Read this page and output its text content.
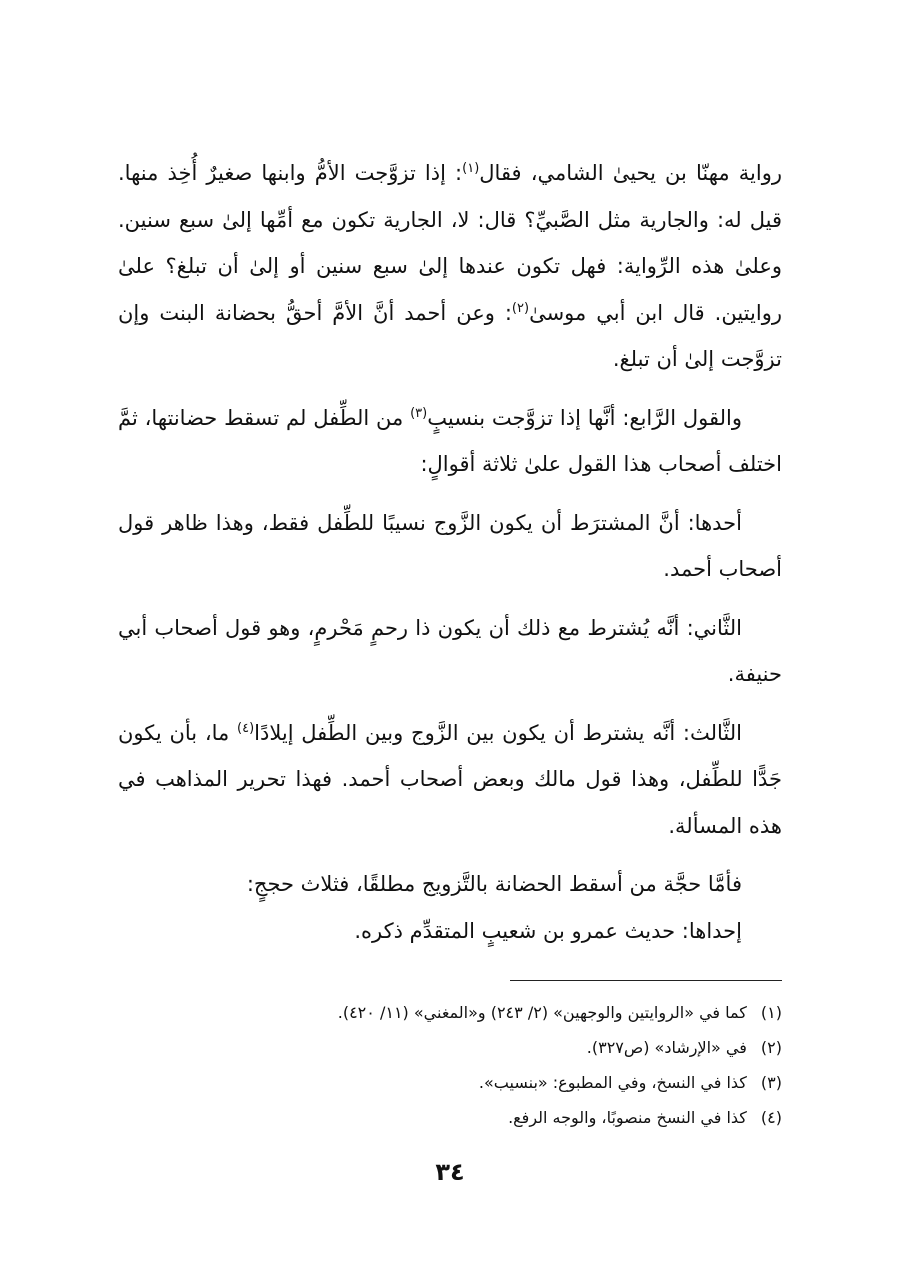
رواية مهنّا بن يحيىٰ الشامي، فقال$^{(١)}$: إذا تزوَّجت الأمُّ وابنها صغيرٌ أُخِذ منها. قيل له: والجارية مثل الصَّبيِّ؟ قال: لا، الجارية تكون مع أمِّها إلىٰ سبع سنين. وعلىٰ هذه الرِّواية: فهل تكون عندها إلىٰ سبع سنين أو إلىٰ أن تبلغ؟ علىٰ روايتين. قال ابن أبي موسىٰ$^{(٢)}$: وعن أحمد أنَّ الأمَّ أحقُّ بحضانة البنت وإن تزوَّجت إلىٰ أن تبلغ.

والقول الرَّابع: أنَّها إذا تزوَّجت بنسيبٍ$^{(٣)}$ من الطِّفل لم تسقط حضانتها، ثمَّ اختلف أصحاب هذا القول علىٰ ثلاثة أقوالٍ:

أحدها: أنَّ المشترَط أن يكون الزَّوج نسيبًا للطِّفل فقط، وهذا ظاهر قول أصحاب أحمد.

الثَّاني: أنَّه يُشترط مع ذلك أن يكون ذا رحمٍ مَحْرمٍ، وهو قول أصحاب أبي حنيفة.

الثَّالث: أنَّه يشترط أن يكون بين الزَّوج وبين الطِّفل إيلادًا$^{(٤)}$ ما، بأن يكون جَدًّا للطِّفل، وهذا قول مالك وبعض أصحاب أحمد. فهذا تحرير المذاهب في هذه المسألة.

فأمَّا حجَّة من أسقط الحضانة بالتَّزويج مطلقًا، فثلاث حججٍ:

إحداها: حديث عمرو بن شعيبٍ المتقدِّم ذكره.

(١)كما في «الروايتين والوجهين» (٢/ ٢٤٣) و«المغني» (١١/ ٤٢٠).
(٢)في «الإرشاد» (ص٣٢٧).
(٣)كذا في النسخ، وفي المطبوع: «بنسيب».
(٤)كذا في النسخ منصوبًا، والوجه الرفع.
٣٤
